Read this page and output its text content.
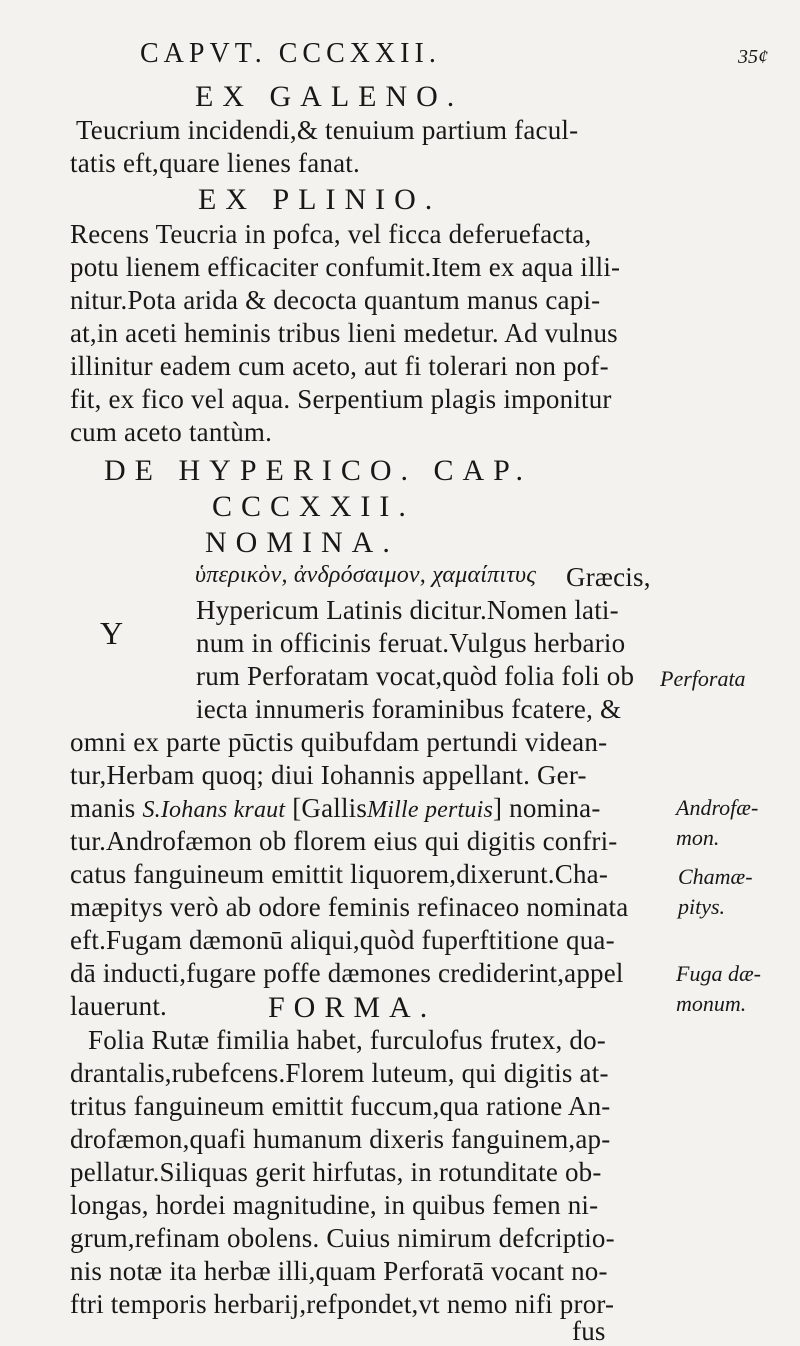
CAPVT. CCCXXII.	35¢
EX GALENO.
Teucrium incidendi,& tenuium partium facul-
tatis eft,quare lienes fanat.
EX PLINIO.
Recens Teucria in pofca, vel ficca deferuefacta,
potu lienem efficaciter confumit.Item ex aqua illi-
nitur.Pota arida & decocta quantum manus capi-
at,in aceti heminis tribus lieni medetur. Ad vulnus
illinitur eadem cum aceto, aut fi tolerari non pof-
fit, ex fico vel aqua. Serpentium plagis imponitur
cum aceto tantùm.
DE HYPERICO. CAP.
CCCXXII.
NOMINA.
ὑπερικὸν, ἀνδρόσαιμον, χαμαίπιτυς Græcis,
Y
Hypericum Latinis dicitur.Nomen lati-
num in officinis feruat.Vulgus herbario
rum Perforatam vocat,quòd folia foli ob
iecta innumeris foraminibus fcatere, &
omni ex parte pūctis quibufdam pertundi videan-
tur,Herbam quoq; diui Iohannis appellant. Ger-
manis S.Iohans kraut [GallisMille pertuis] nomina-
tur.Androfæmon ob florem eius qui digitis confri-
catus fanguineum emittit liquorem,dixerunt.Cha-
mæpitys verò ab odore feminis refinaceo nominata
eft.Fugam dæmonū aliqui,quòd fuperftitione qua-
dā inducti,fugare poffe dæmones crediderint,appel
lauerunt.	FORMA.
Folia Rutæ fimilia habet, furculofus frutex, do-
drantalis,rubefcens.Florem luteum, qui digitis at-
tritus fanguineum emittit fuccum,qua ratione An-
drofæmon,quafi humanum dixeris fanguinem,ap-
pellatur.Siliquas gerit hirfutas, in rotunditate ob-
longas, hordei magnitudine, in quibus femen ni-
grum,refinam obolens. Cuius nimirum defcriptio-
nis notæ ita herbæ illi,quam Perforatā vocant no-
ftri temporis herbarij,refpondet,vt nemo nifi pror-
fus
Perforata
Androfæ-
mon.
Chamæ-
pitys.
Fuga dæ-
monum.
